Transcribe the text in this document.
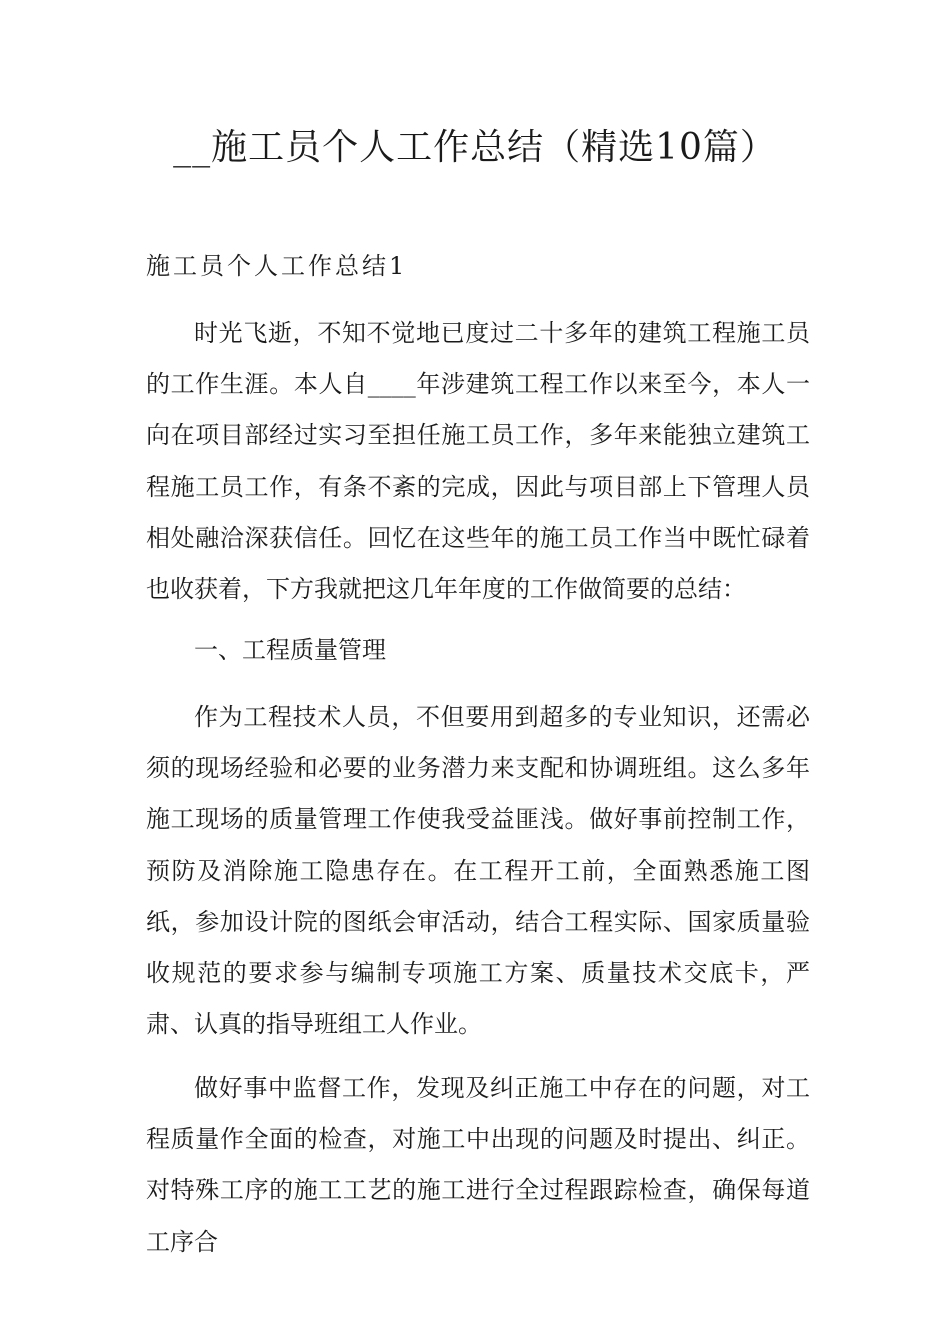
__施工员个人工作总结（精选10篇）
施工员个人工作总结1

时光飞逝，不知不觉地已度过二十多年的建筑工程施工员的工作生涯。本人自____年涉建筑工程工作以来至今，本人一向在项目部经过实习至担任施工员工作，多年来能独立建筑工程施工员工作，有条不紊的完成，因此与项目部上下管理人员相处融洽深获信任。回忆在这些年的施工员工作当中既忙碌着也收获着，下方我就把这几年年度的工作做简要的总结：

一、工程质量管理

作为工程技术人员，不但要用到超多的专业知识，还需必须的现场经验和必要的业务潜力来支配和协调班组。这么多年施工现场的质量管理工作使我受益匪浅。做好事前控制工作，预防及消除施工隐患存在。在工程开工前，全面熟悉施工图纸，参加设计院的图纸会审活动，结合工程实际、国家质量验收规范的要求参与编制专项施工方案、质量技术交底卡，严肃、认真的指导班组工人作业。

做好事中监督工作，发现及纠正施工中存在的问题，对工程质量作全面的检查，对施工中出现的问题及时提出、纠正。对特殊工序的施工工艺的施工进行全过程跟踪检查，确保每道工序合
